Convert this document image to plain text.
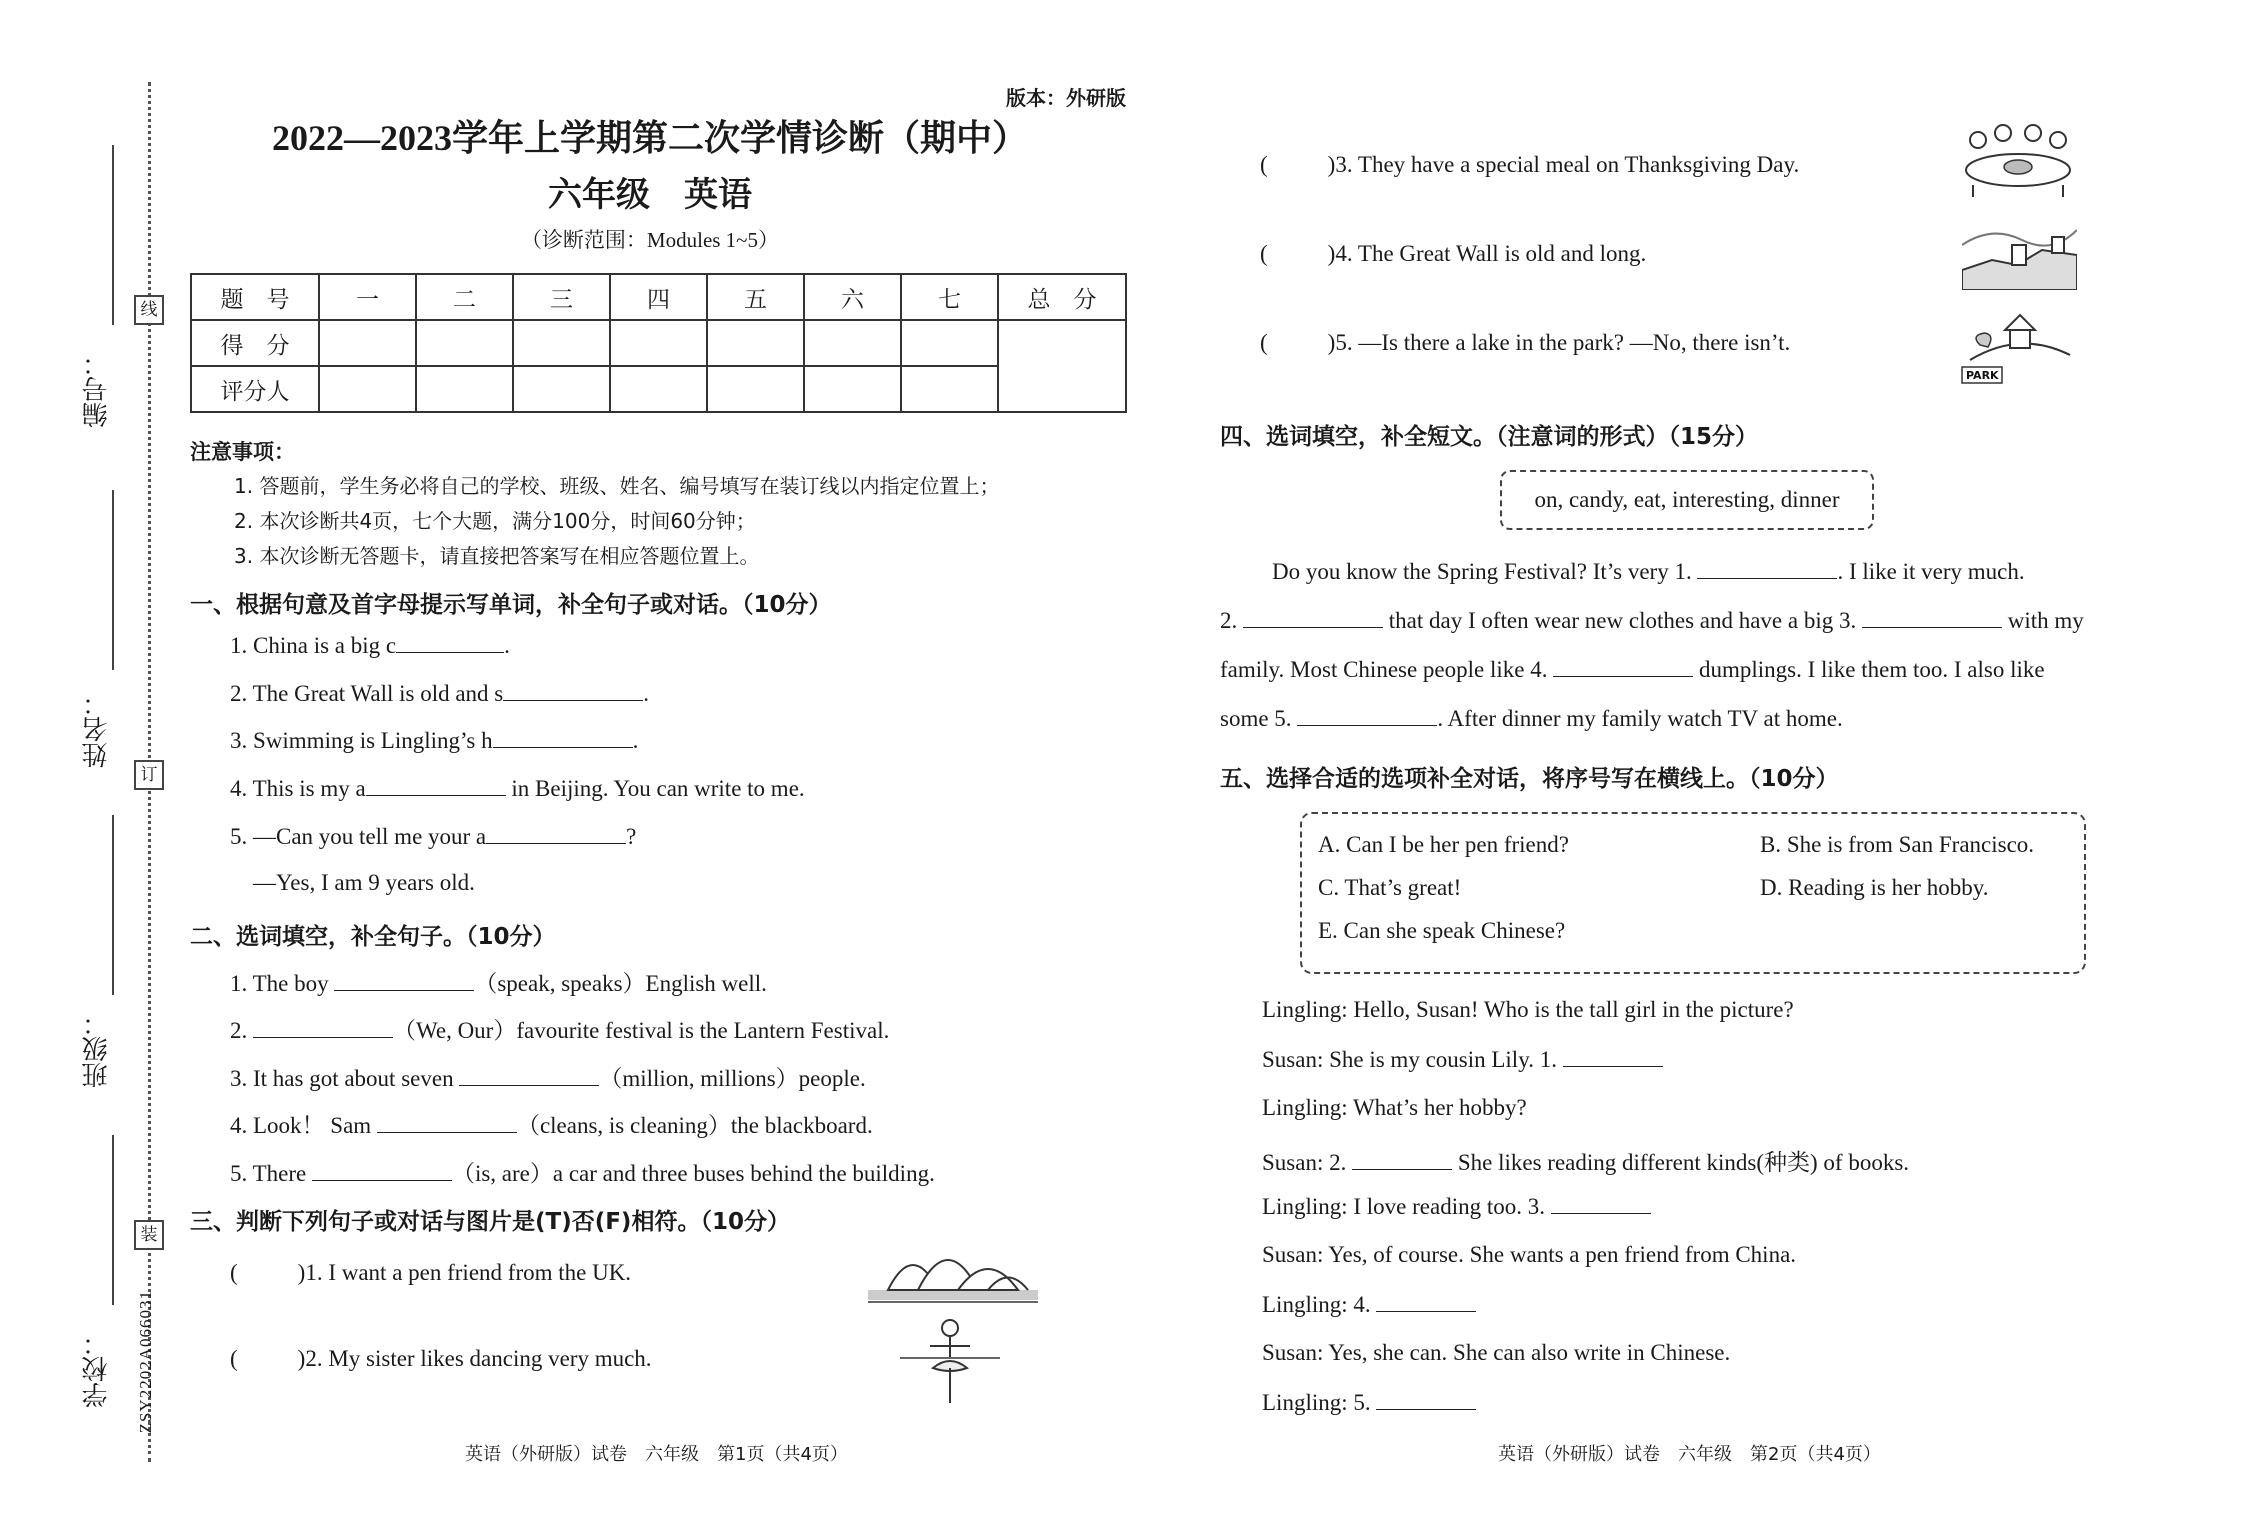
编号：
姓名：
班级：
学校：
线
订
装
ZSY2202A066031
版本：外研版
2022—2023学年上学期第二次学情诊断（期中）
六年级　英语
（诊断范围：Modules 1~5）
题　号	一	二	三	四	五	六	七	总　分
得　分								
评分人								
注意事项：
1. 答题前，学生务必将自己的学校、班级、姓名、编号填写在装订线以内指定位置上；
2. 本次诊断共4页，七个大题，满分100分，时间60分钟；
3. 本次诊断无答题卡，请直接把答案写在相应答题位置上。
一、根据句意及首字母提示写单词，补全句子或对话。（10分）
1. China is a big c	.
2. The Great Wall is old and s	.
3. Swimming is Lingling’s h	.
4. This is my a	in Beijing. You can write to me.
5. —Can you tell me your a	?
—Yes, I am 9 years old.
二、选词填空，补全句子。（10分）
1. The boy	（speak, speaks）English well.
2.	（We, Our）favourite festival is the Lantern Festival.
3. It has got about seven	（million, millions）people.
4. Look！ Sam	（cleans, is cleaning）the blackboard.
5. There	（is, are）a car and three buses behind the building.
三、判断下列句子或对话与图片是(T)否(F)相符。（10分）
(	)1. I want a pen friend from the UK.
(	)2. My sister likes dancing very much.
英语（外研版）试卷　六年级　第1页（共4页）
(	)3. They have a special meal on Thanksgiving Day.
(	)4. The Great Wall is old and long.
(	)5. —Is there a lake in the park? —No, there isn’t.
PARK
四、选词填空，补全短文。（注意词的形式）（15分）
on, candy, eat, interesting, dinner
Do you know the Spring Festival? It’s very 1.	. I like it very much.
2.	that day I often wear new clothes and have a big 3.	with my
family. Most Chinese people like 4.	dumplings. I like them too. I also like
some 5.	. After dinner my family watch TV at home.
五、选择合适的选项补全对话，将序号写在横线上。（10分）
A. Can I be her pen friend?	B. She is from San Francisco.
C. That’s great!	D. Reading is her hobby.
E. Can she speak Chinese?
Lingling: Hello, Susan! Who is the tall girl in the picture?
Susan: She is my cousin Lily. 1.
Lingling: What’s her hobby?
Susan: 2.	She likes reading different kinds(种类) of books.
Lingling: I love reading too. 3.
Susan: Yes, of course. She wants a pen friend from China.
Lingling: 4.
Susan: Yes, she can. She can also write in Chinese.
Lingling: 5.
英语（外研版）试卷　六年级　第2页（共4页）
